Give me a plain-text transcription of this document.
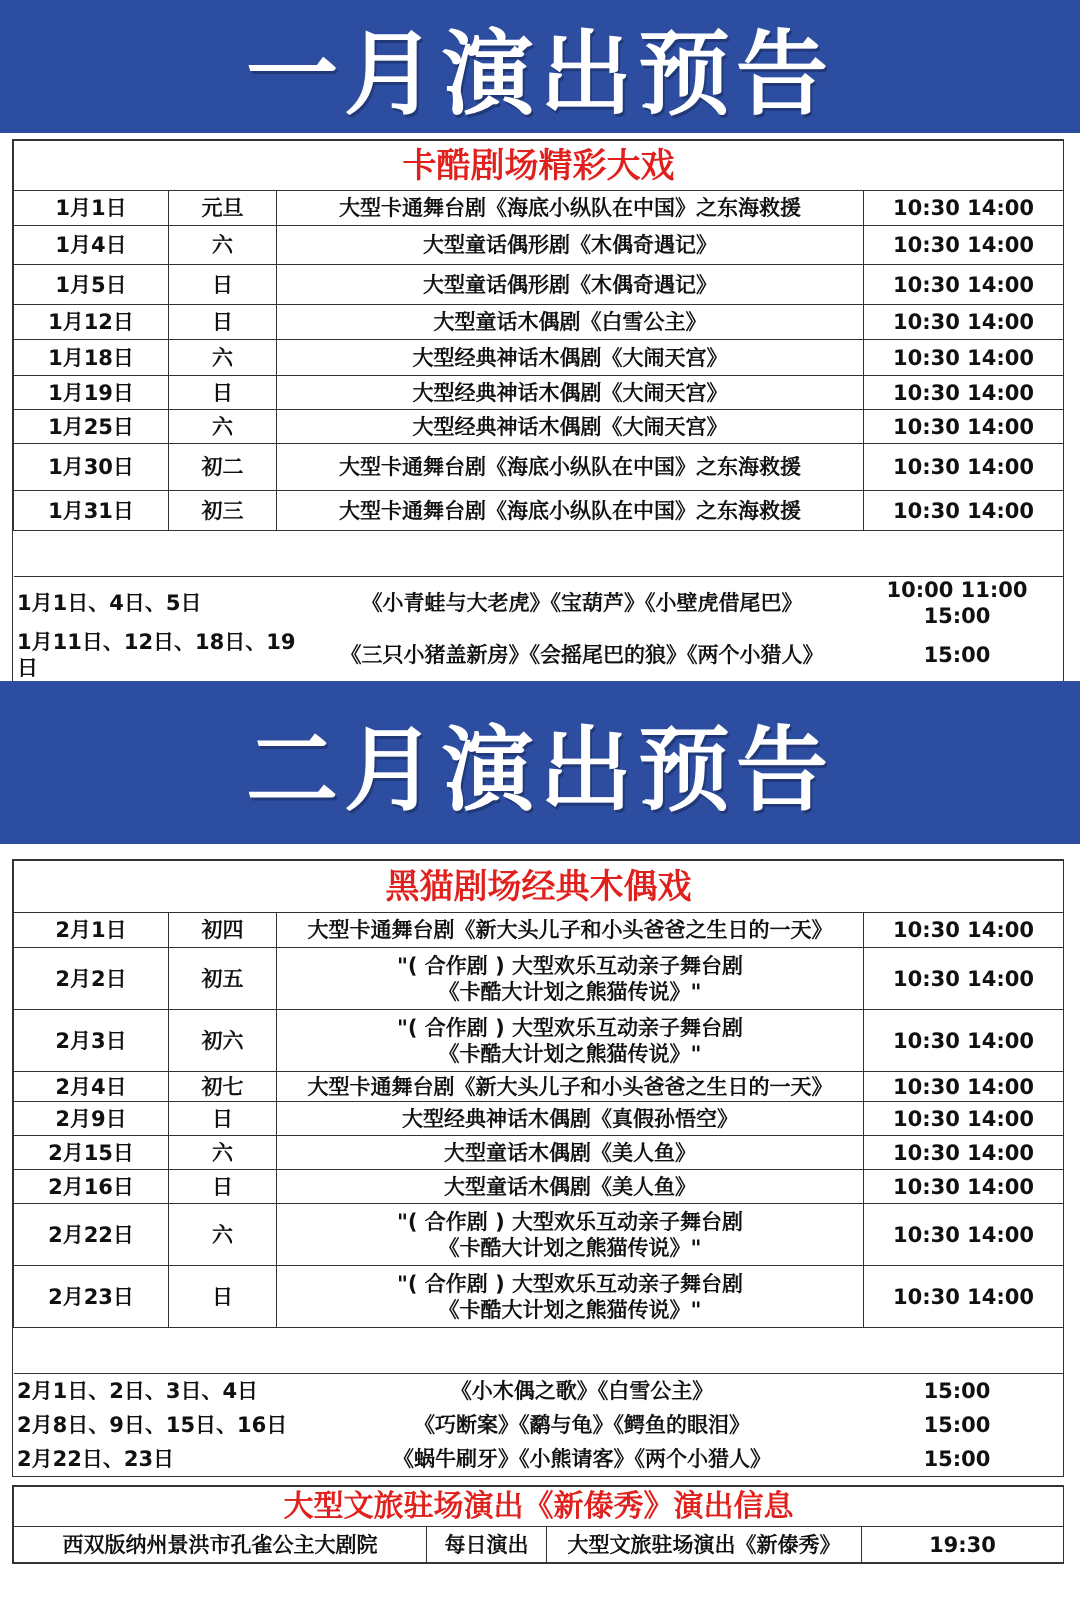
一月演出预告
卡酷剧场精彩大戏			
1月1日	元旦	大型卡通舞台剧《海底小纵队在中国》之东海救援	10:30 14:00
1月4日	六	大型童话偶形剧《木偶奇遇记》	10:30 14:00
1月5日	日	大型童话偶形剧《木偶奇遇记》	10:30 14:00
1月12日	日	大型童话木偶剧《白雪公主》	10:30 14:00
1月18日	六	大型经典神话木偶剧《大闹天宫》	10:30 14:00
1月19日	日	大型经典神话木偶剧《大闹天宫》	10:30 14:00
1月25日	六	大型经典神话木偶剧《大闹天宫》	10:30 14:00
1月30日	初二	大型卡通舞台剧《海底小纵队在中国》之东海救援	10:30 14:00
1月31日	初三	大型卡通舞台剧《海底小纵队在中国》之东海救援	10:30 14:00

1月1日、4日、5日	《小青蛙与大老虎》《宝葫芦》《小壁虎借尾巴》	10:00 11:00 15:00
1月11日、12日、18日、19日	《三只小猪盖新房》《会摇尾巴的狼》《两个小猎人》	15:00

二月演出预告
黑猫剧场经典木偶戏			
2月1日	初四	大型卡通舞台剧《新大头儿子和小头爸爸之生日的一天》	10:30 14:00
2月2日	初五	"( 合作剧 ) 大型欢乐互动亲子舞台剧
《卡酷大计划之熊猫传说》"	10:30 14:00
2月3日	初六	"( 合作剧 ) 大型欢乐互动亲子舞台剧
《卡酷大计划之熊猫传说》"	10:30 14:00
2月4日	初七	大型卡通舞台剧《新大头儿子和小头爸爸之生日的一天》	10:30 14:00
2月9日	日	大型经典神话木偶剧《真假孙悟空》	10:30 14:00
2月15日	六	大型童话木偶剧《美人鱼》	10:30 14:00
2月16日	日	大型童话木偶剧《美人鱼》	10:30 14:00
2月22日	六	"( 合作剧 ) 大型欢乐互动亲子舞台剧
《卡酷大计划之熊猫传说》"	10:30 14:00
2月23日	日	"( 合作剧 ) 大型欢乐互动亲子舞台剧
《卡酷大计划之熊猫传说》"	10:30 14:00

2月1日、2日、3日、4日	《小木偶之歌》《白雪公主》	15:00
2月8日、9日、15日、16日	《巧断案》《鹬与龟》《鳄鱼的眼泪》	15:00
2月22日、23日	《蜗牛刷牙》《小熊请客》《两个小猎人》	15:00
大型文旅驻场演出《新傣秀》演出信息
西双版纳州景洪市孔雀公主大剧院	每日演出	大型文旅驻场演出《新傣秀》	19:30
